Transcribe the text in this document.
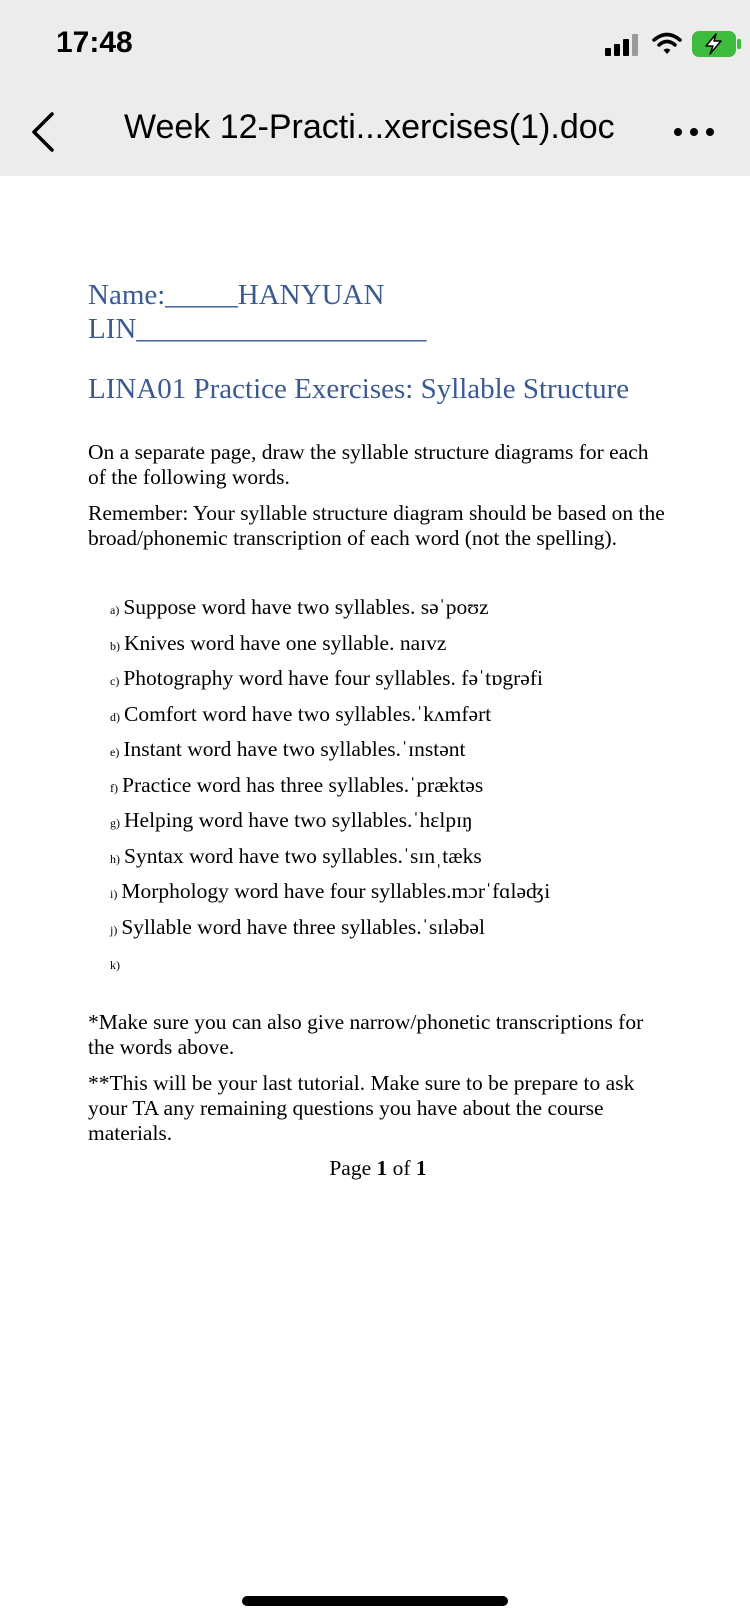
17:48
Week 12-Practi...xercises(1).doc

Name:_____HANYUAN
LIN____________________

LINA01 Practice Exercises: Syllable Structure

On a separate page, draw the syllable structure diagrams for each of the following words.

Remember: Your syllable structure diagram should be based on the broad/phonemic transcription of each word (not the spelling).

a) Suppose word have two syllables. səˈpoʊz
b) Knives word have one syllable. naɪvz
c) Photography word have four syllables. fəˈtɒgrəfi
d) Comfort word have two syllables.ˈkʌmfərt
e) Instant word have two syllables.ˈɪnstənt
f) Practice word has three syllables.ˈpræktəs
g) Helping word have two syllables.ˈhɛlpɪŋ
h) Syntax word have two syllables.ˈsɪnˌtæks
i) Morphology word have four syllables.mɔrˈfɑləʤi
j) Syllable word have three syllables.ˈsɪləbəl
k)

*Make sure you can also give narrow/phonetic transcriptions for the words above.

**This will be your last tutorial. Make sure to be prepare to ask your TA any remaining questions you have about the course materials.

Page 1 of 1
